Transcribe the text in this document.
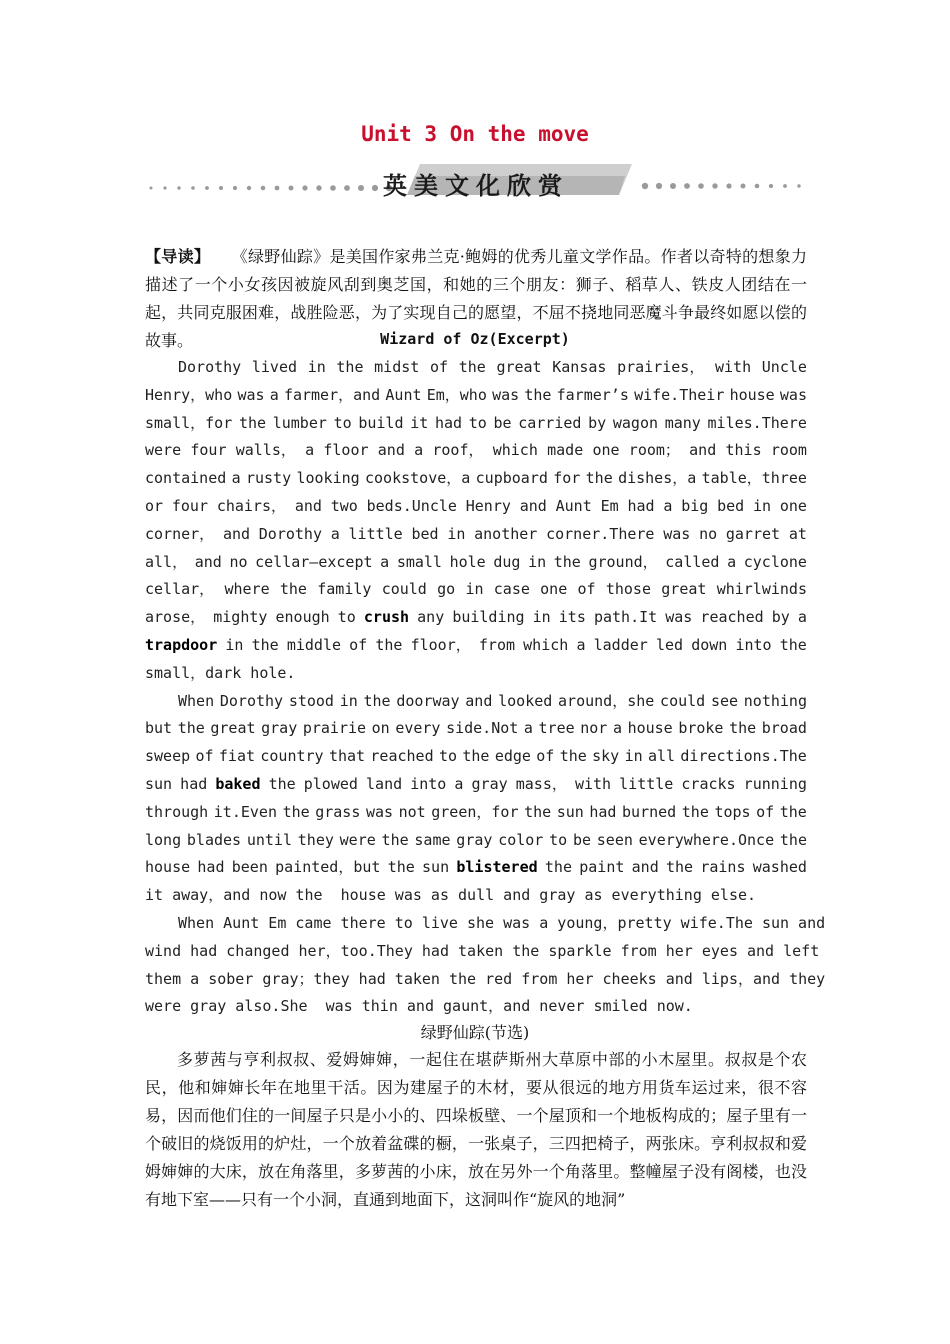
Unit 3 On the move
英美文化欣赏
【导读】 《绿野仙踪》是美国作家弗兰克·鲍姆的优秀儿童文学作品。作者以奇特的想象力描述了一个小女孩因被旋风刮到奥芝国，和她的三个朋友：狮子、稻草人、铁皮人团结在一起，共同克服困难，战胜险恶，为了实现自己的愿望，不屈不挠地同恶魔斗争最终如愿以偿的故事。	Wizard of Oz(Excerpt)
Dorothy lived in the midst of the great Kansas prairies， with Uncle
Henry，who was a farmer，and Aunt Em，who was the farmer’s wife.Their house was
small，for the lumber to build it had to be carried by wagon many miles.There
were four walls， a floor and a roof， which made one room； and this room
contained a rusty looking cookstove，a cupboard for the dishes，a table，three
or four chairs， and two beds.Uncle Henry and Aunt Em had a big bed in one
corner， and Dorothy a little bed in another corner.There was no garret at
all， and no cellar—except a small hole dug in the ground， called a cyclone
cellar， where the family could go in case one of those great whirlwinds
arose， mighty enough to crush any building in its path.It was reached by a
trapdoor in the middle of the floor， from which a ladder led down into the
small，dark hole.
When Dorothy stood in the doorway and looked around，she could see nothing
but the great gray prairie on every side.Not a tree nor a house broke the broad
sweep of fiat country that reached to the edge of the sky in all directions.The
sun had baked the plowed land into a gray mass， with little cracks running
through it.Even the grass was not green，for the sun had burned the tops of the
long blades until they were the same gray color to be seen everywhere.Once the
house had been painted，but the sun blistered the paint and the rains washed
it away，and now the  house was as dull and gray as everything else.
When Aunt Em came there to live she was a young，pretty wife.The sun and
wind had changed her，too.They had taken the sparkle from her eyes and left
them a sober gray；they had taken the red from her cheeks and lips，and they
were gray also.She  was thin and gaunt，and never smiled now.
绿野仙踪(节选)

多萝茜与亨利叔叔、爱姆婶婶，一起住在堪萨斯州大草原中部的小木屋里。叔叔是个农民，他和婶婶长年在地里干活。因为建屋子的木材，要从很远的地方用货车运过来，很不容易，因而他们住的一间屋子只是小小的、四垛板壁、一个屋顶和一个地板构成的；屋子里有一个破旧的烧饭用的炉灶，一个放着盆碟的橱，一张桌子，三四把椅子，两张床。亨利叔叔和爱姆婶婶的大床，放在角落里，多萝茜的小床，放在另外一个角落里。整幢屋子没有阁楼，也没有地下室——只有一个小洞，直通到地面下，这洞叫作“旋风的地洞”
